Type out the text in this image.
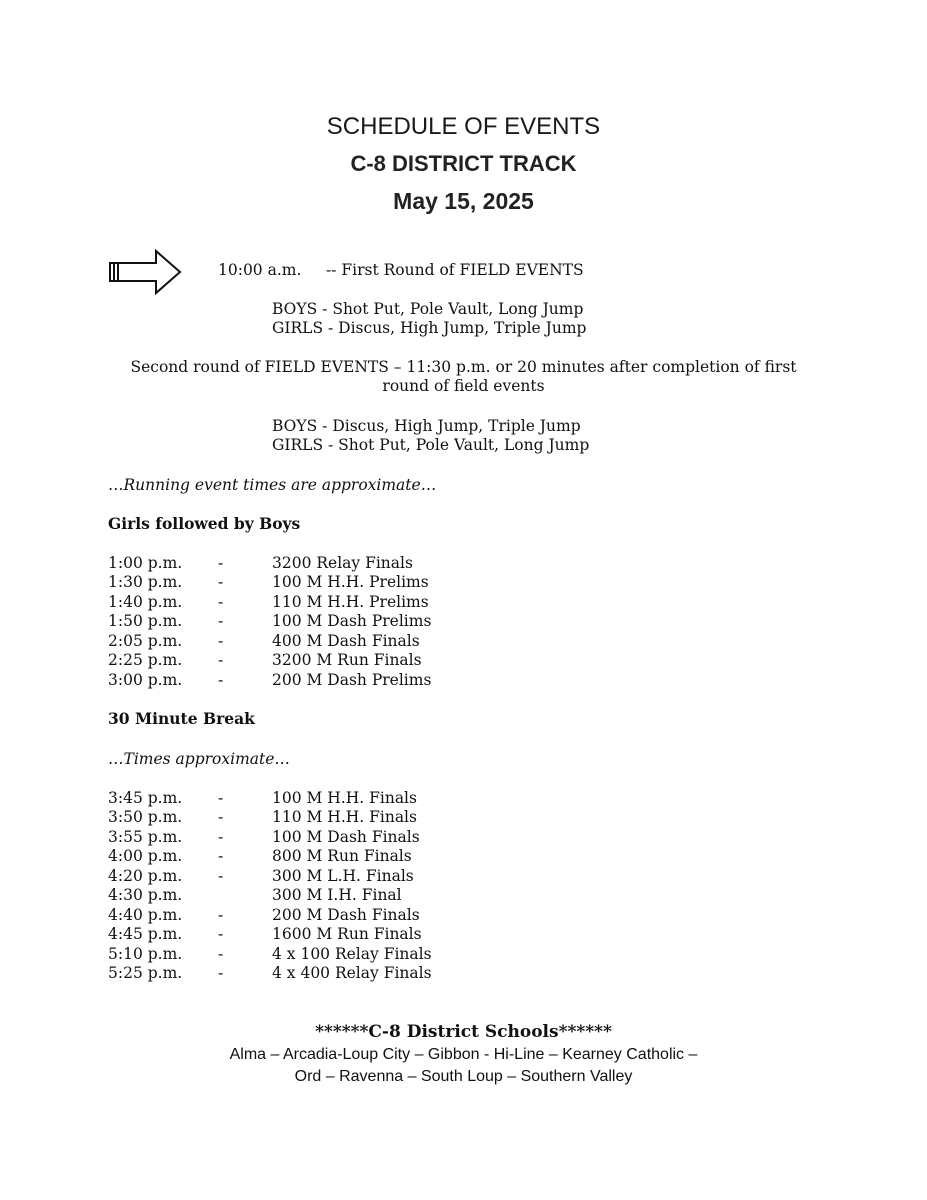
SCHEDULE OF EVENTS
C-8 DISTRICT TRACK
May 15, 2025
10:00 a.m. -- First Round of FIELD EVENTS
BOYS - Shot Put, Pole Vault, Long Jump
GIRLS - Discus, High Jump, Triple Jump
Second round of FIELD EVENTS – 11:30 p.m. or 20 minutes after completion of first
round of field events
BOYS - Discus, High Jump, Triple Jump
GIRLS - Shot Put, Pole Vault, Long Jump
…Running event times are approximate…
Girls followed by Boys
1:00 p.m. -	3200 Relay Finals
1:30 p.m. -	100 M H.H. Prelims
1:40 p.m. -	110 M H.H. Prelims
1:50 p.m. -	100 M Dash Prelims
2:05 p.m. -	400 M Dash Finals
2:25 p.m. -	3200 M Run Finals
3:00 p.m. -	200 M Dash Prelims
30 Minute Break
…Times approximate…
3:45 p.m. -	100 M H.H. Finals
3:50 p.m. -	110 M H.H. Finals
3:55 p.m. -	100 M Dash Finals
4:00 p.m. -	800 M Run Finals
4:20 p.m. -	300 M L.H. Finals
4:30 p.m.	300 M I.H. Final
4:40 p.m. -	200 M Dash Finals
4:45 p.m. -	1600 M Run Finals
5:10 p.m. -	4 x 100 Relay Finals
5:25 p.m. -	4 x 400 Relay Finals
******C-8 District Schools******
Alma – Arcadia-Loup City – Gibbon - Hi-Line – Kearney Catholic –
Ord – Ravenna – South Loup – Southern Valley
